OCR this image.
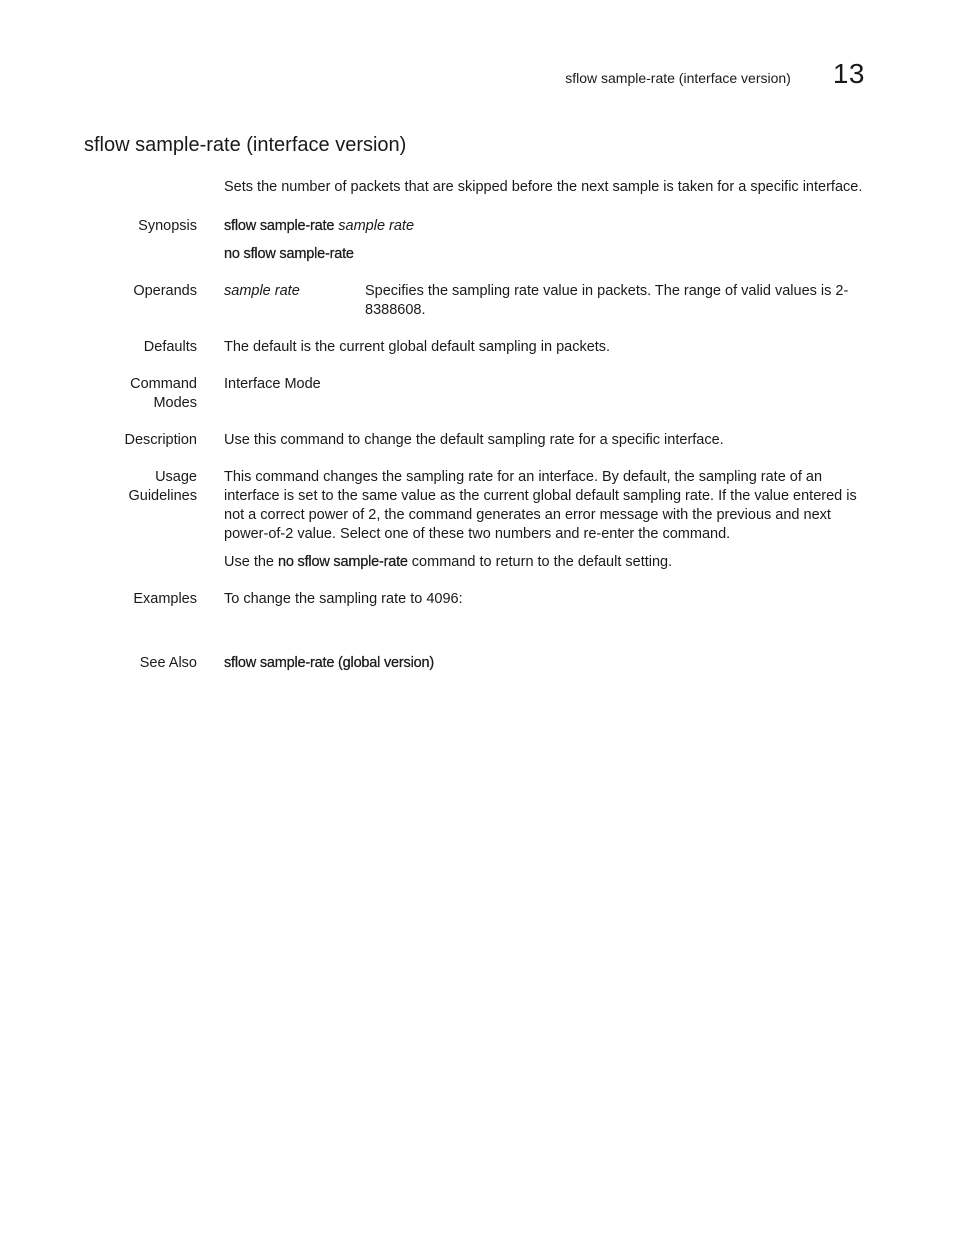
sflow sample-rate (interface version) 13
sflow sample-rate (interface version)
Sets the number of packets that are skipped before the next sample is taken for a specific interface.
Synopsis sflow sample-rate sample rate

no sflow sample-rate

Operands sample rate	Specifies the sampling rate value in packets. The range of valid values is 2-8388608.
Defaults The default is the current global default sampling in packets.
Command
Modes
Interface Mode
Description Use this command to change the default sampling rate for a specific interface.
Usage
Guidelines

This command changes the sampling rate for an interface. By default, the sampling rate of an interface is set to the same value as the current global default sampling rate. If the value entered is not a correct power of 2, the command generates an error message with the previous and next power-of-2 value. Select one of these two numbers and re-enter the command.

Use the no sflow sample-rate command to return to the default setting.

Examples To change the sampling rate to 4096:
See Also sflow sample-rate (global version)
